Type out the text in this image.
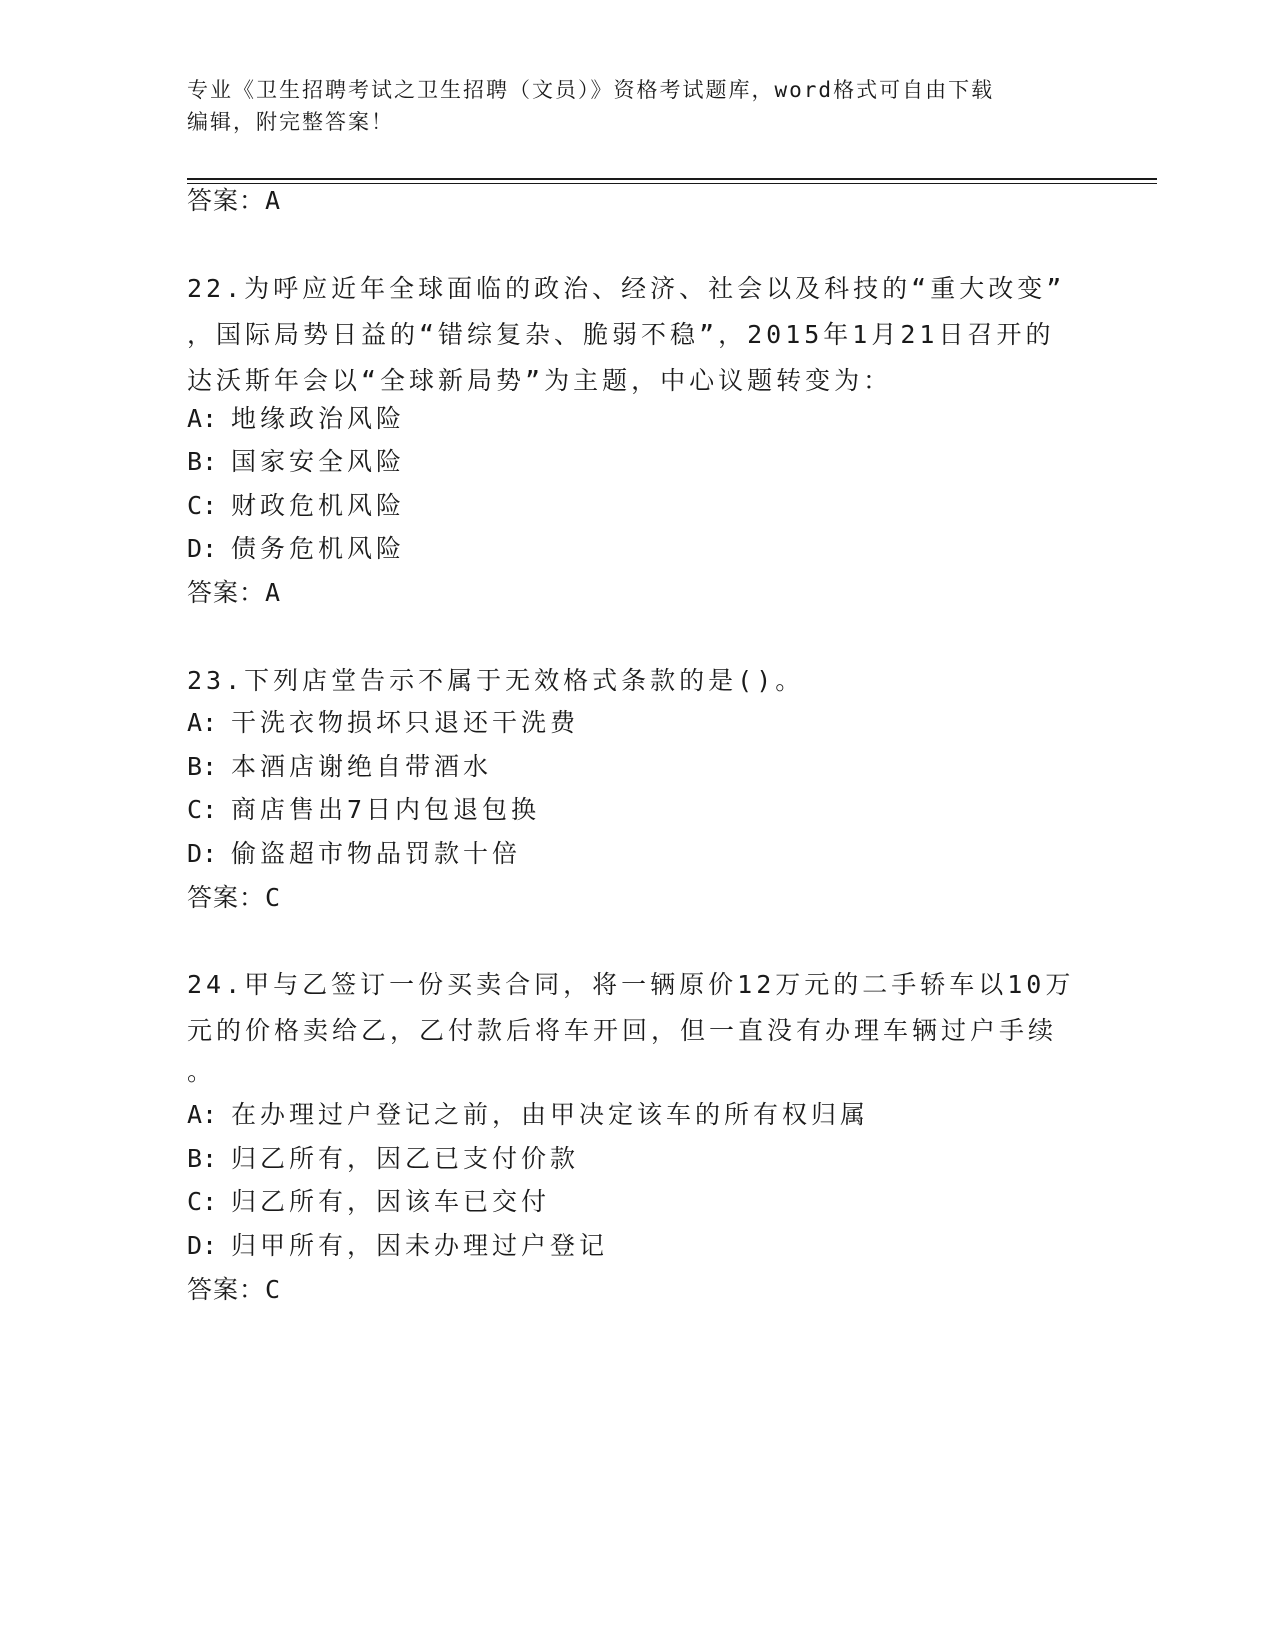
专业《卫生招聘考试之卫生招聘（文员）》资格考试题库，word格式可自由下载
编辑，附完整答案！
答案：A
22.为呼应近年全球面临的政治、经济、社会以及科技的“重大改变”
，国际局势日益的“错综复杂、脆弱不稳”，2015年1月21日召开的
达沃斯年会以“全球新局势”为主题，中心议题转变为：
A: 地缘政治风险
B: 国家安全风险
C: 财政危机风险
D: 债务危机风险
答案：A
23.下列店堂告示不属于无效格式条款的是()。
A: 干洗衣物损坏只退还干洗费
B: 本酒店谢绝自带酒水
C: 商店售出7日内包退包换
D: 偷盗超市物品罚款十倍
答案：C
24.甲与乙签订一份买卖合同，将一辆原价12万元的二手轿车以10万
元的价格卖给乙，乙付款后将车开回，但一直没有办理车辆过户手续
。
A: 在办理过户登记之前，由甲决定该车的所有权归属
B: 归乙所有，因乙已支付价款
C: 归乙所有，因该车已交付
D: 归甲所有，因未办理过户登记
答案：C
